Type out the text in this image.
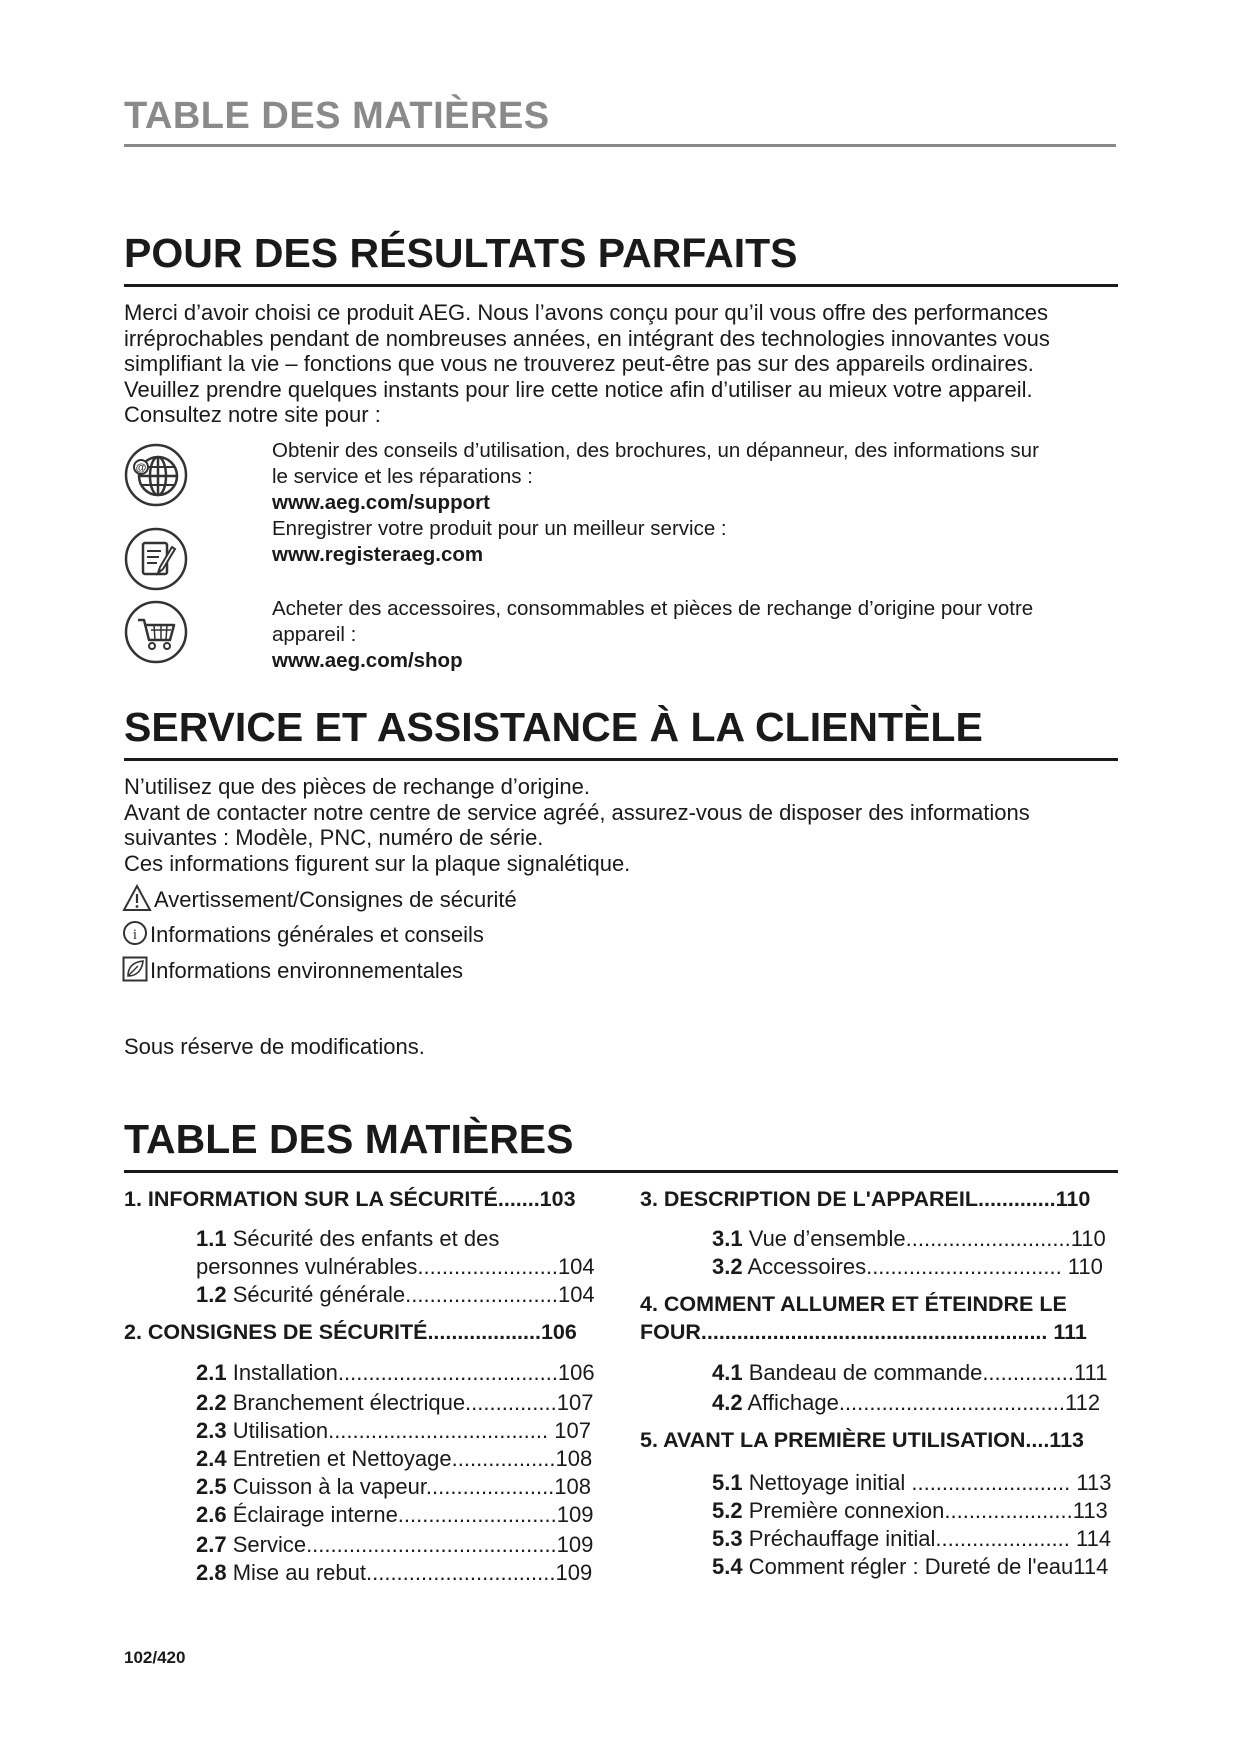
TABLE DES MATIÈRES
POUR DES RÉSULTATS PARFAITS
Merci d’avoir choisi ce produit AEG. Nous l’avons conçu pour qu’il vous offre des performances
irréprochables pendant de nombreuses années, en intégrant des technologies innovantes vous
simplifiant la vie – fonctions que vous ne trouverez peut-être pas sur des appareils ordinaires.
Veuillez prendre quelques instants pour lire cette notice afin d’utiliser au mieux votre appareil.
Consultez notre site pour :
@
Obtenir des conseils d’utilisation, des brochures, un dépanneur, des informations sur
le service et les réparations :
www.aeg.com/support
Enregistrer votre produit pour un meilleur service :
www.registeraeg.com
Acheter des accessoires, consommables et pièces de rechange d’origine pour votre
appareil :
www.aeg.com/shop
SERVICE ET ASSISTANCE À LA CLIENTÈLE
N’utilisez que des pièces de rechange d’origine.
Avant de contacter notre centre de service agréé, assurez-vous de disposer des informations
suivantes : Modèle, PNC, numéro de série.
Ces informations figurent sur la plaque signalétique.
Avertissement/Consignes de sécurité
i Informations générales et conseils
Informations environnementales
Sous réserve de modifications.
TABLE DES MATIÈRES
1. INFORMATION SUR LA SÉCURITÉ.......103
1.1 Sécurité des enfants et des
personnes vulnérables.......................104
1.2 Sécurité générale.........................104
2. CONSIGNES DE SÉCURITÉ...................106
2.1 Installation....................................106
2.2 Branchement électrique...............107
2.3 Utilisation.................................... 107
2.4 Entretien et Nettoyage.................108
2.5 Cuisson à la vapeur.....................108
2.6 Éclairage interne..........................109
2.7 Service.........................................109
2.8 Mise au rebut...............................109
3. DESCRIPTION DE L'APPAREIL.............110
3.1 Vue d’ensemble...........................110
3.2 Accessoires................................ 110
4. COMMENT ALLUMER ET ÉTEINDRE LE
FOUR.......................................................... 111
4.1 Bandeau de commande...............111
4.2 Affichage.....................................112
5. AVANT LA PREMIÈRE UTILISATION....113
5.1 Nettoyage initial .......................... 113
5.2 Première connexion.....................113
5.3 Préchauffage initial...................... 114
5.4 Comment régler : Dureté de l'eau114
102/420
